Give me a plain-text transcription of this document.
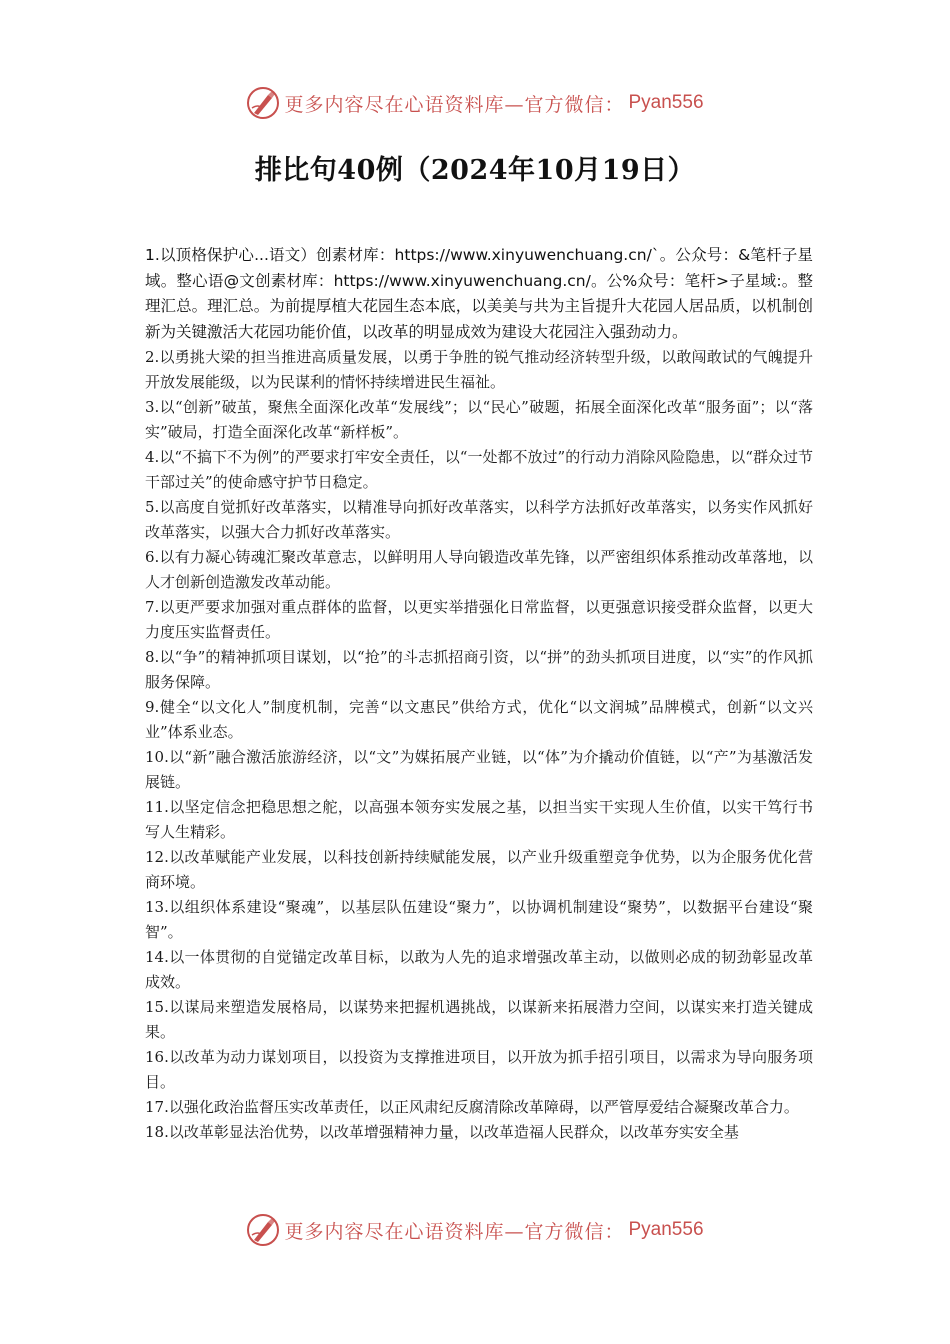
更多内容尽在心语资料库—官方微信： Pyan556
排比句40例（2024年10月19日）

1.以顶格保护心...语文）创素材库：https://www.xinyuwenchuang.cn/`。公众号：&笔杆子星域。整心语@文创素材库：https://www.xinyuwenchuang.cn/。公%众号：笔杆>子星域:。整理汇总。理汇总。为前提厚植大花园生态本底，以美美与共为主旨提升大花园人居品质，以机制创新为关键激活大花园功能价值，以改革的明显成效为建设大花园注入强劲动力。

2.以勇挑大梁的担当推进高质量发展，以勇于争胜的锐气推动经济转型升级，以敢闯敢试的气魄提升开放发展能级，以为民谋利的情怀持续增进民生福祉。

3.以“创新”破茧，聚焦全面深化改革“发展线”；以“民心”破题，拓展全面深化改革“服务面”；以“落实”破局，打造全面深化改革“新样板”。

4.以“不搞下不为例”的严要求打牢安全责任，以“一处都不放过”的行动力消除风险隐患，以“群众过节干部过关”的使命感守护节日稳定。

5.以高度自觉抓好改革落实，以精准导向抓好改革落实，以科学方法抓好改革落实，以务实作风抓好改革落实，以强大合力抓好改革落实。

6.以有力凝心铸魂汇聚改革意志，以鲜明用人导向锻造改革先锋，以严密组织体系推动改革落地，以人才创新创造激发改革动能。

7.以更严要求加强对重点群体的监督，以更实举措强化日常监督，以更强意识接受群众监督，以更大力度压实监督责任。

8.以“争”的精神抓项目谋划，以“抢”的斗志抓招商引资，以“拼”的劲头抓项目进度，以“实”的作风抓服务保障。

9.健全“以文化人”制度机制，完善“以文惠民”供给方式，优化“以文润城”品牌模式，创新“以文兴业”体系业态。

10.以“新”融合激活旅游经济，以“文”为媒拓展产业链，以“体”为介撬动价值链，以“产”为基激活发展链。

11.以坚定信念把稳思想之舵，以高强本领夯实发展之基，以担当实干实现人生价值，以实干笃行书写人生精彩。

12.以改革赋能产业发展，以科技创新持续赋能发展，以产业升级重塑竞争优势，以为企服务优化营商环境。

13.以组织体系建设“聚魂”，以基层队伍建设“聚力”，以协调机制建设“聚势”，以数据平台建设“聚智”。

14.以一体贯彻的自觉锚定改革目标，以敢为人先的追求增强改革主动，以做则必成的韧劲彰显改革成效。

15.以谋局来塑造发展格局，以谋势来把握机遇挑战，以谋新来拓展潜力空间，以谋实来打造关键成果。

16.以改革为动力谋划项目，以投资为支撑推进项目，以开放为抓手招引项目，以需求为导向服务项目。

17.以强化政治监督压实改革责任，以正风肃纪反腐清除改革障碍，以严管厚爱结合凝聚改革合力。

18.以改革彰显法治优势，以改革增强精神力量，以改革造福人民群众，以改革夯实安全基

更多内容尽在心语资料库—官方微信： Pyan556
